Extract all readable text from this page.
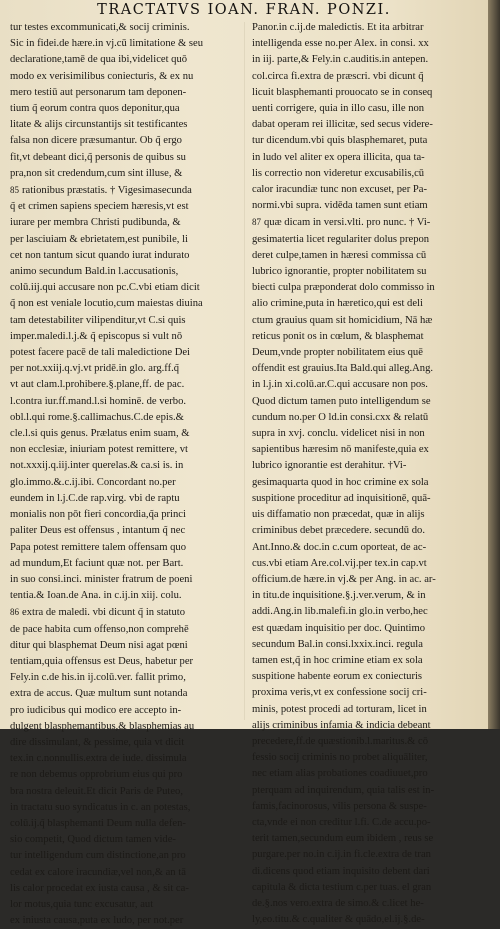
TRACTATVS IOAN. FRAN. PONZI.
tur testes excommunicati,& socij criminis.
Sic in fidei.de hære.in vj.cū limitatione & seu
declaratione,tamē de qua ibi,videlicet quō
modo ex verisimilibus coniecturis, & ex nu
mero testiū aut personarum tam deponen-
tium q̃ eorum contra quos deponitur,qua
litate & alijs circunstantijs sit testificantes
falsa non dicere præsumantur. Ob q̃ ergo
fit,vt debeant dici,q̃ personis de quibus su
pra,non sit credendum,cum sint illuse, &
85 rationibus præstatis. † Vigesimasecunda
q̃ et crimen sapiens speciem hæresis,vt est
iurare per membra Christi pudibunda, &
per lasciuiam & ebrietatem,est punibile, li
cet non tantum sicut quando iurat indurato
animo secundum Bald.in l.accusationis,
colū.iij.qui accusare non pc.C.vbi etiam dicit
q̃ non est veniale locutio,cum maiestas diuina
tam detestabiliter vilipenditur,vt C.si quis
imper.maledi.l.j.& q̃ episcopus si vult nō
potest facere pacē de tali maledictione Dei
per not.xxiij.q.vj.vt pridē.in glo. arg.ff.q̃
vt aut clam.l.prohibere.§.plane,ff. de pac.
l.contra iur.ff.mand.l.si hominē. de verbo.
obl.l.qui rome.§.callimachus.C.de epis.&
cle.l.si quis genus. Prælatus enim suam, &
non ecclesiæ, iniuriam potest remittere, vt
not.xxxij.q.iij.inter querelas.& ca.si is. in
glo.immo.&.c.ij.ibi. Concordant no.per
eundem in l.j.C.de rap.virg. vbi de raptu
monialis non pōt fieri concordia,q̃a princi
paliter Deus est offensus , intantum q̃ nec
Papa potest remittere talem offensam quo
ad mundum,Et faciunt quæ not. per Bart.
in suo consi.inci. minister fratrum de poeni
tentia.& Ioan.de Ana. in c.ij.in xiij. colu.
86 extra de maledi. vbi dicunt q̃ in statuto
de pace habita cum offenso,non comprehē
ditur qui blasphemat Deum nisi agat pœni
tentiam,quia offensus est Deus, habetur per
Fely.in c.de his.in ij.colū.ver. fallit primo,
extra de accus. Quæ multum sunt notanda
pro iudicibus qui modico ere accepto in-
dulgent blasphemantibus,& blasphemias au
dire dissimulant, & pessime, quia vt dicit
tex.in c.nonnullis.extra de iude. dissimula
re non debemus opprobrium eius qui pro
bra nostra deleuit.Et dicit Paris de Puteo,
in tractatu suo syndicatus in c. an potestas,
colū.ij.q̃ blasphemanti Deum nulla defen-
sio competit, Quod dictum tamen vide-
tur intelligendum cum distinctione,an pro
cedat ex calore iracundiæ,vel non,& an tā
lis calor procedat ex iusta causa , & sit ca-
lor motus,quia tunc excusatur, aut
ex iniusta causa,puta ex ludo, per not.per
Panor.in c.ij.de maledictis. Et ita arbitrar
intelligenda esse no.per Alex. in consi. xx
in iij. parte,& Fely.in c.auditis.in antepen.
col.circa fi.extra de præscri. vbi dicunt q̃
licuit blasphemanti prouocato se in conseq
uenti corrigere, quia in illo casu, ille non
dabat operam rei illicitæ, sed secus videre-
tur dicendum.vbi quis blasphemaret, puta
in ludo vel aliter ex opera illicita, qua ta-
lis correctio non videretur excusabilis,cū
calor iracundiæ tunc non excuset, per Pa-
normi.vbi supra. vidēda tamen sunt etiam
87 quæ dicam in versi.vlti. pro nunc. † Vi-
gesimatertia licet regulariter dolus prepon
deret culpe,tamen in hæresi commissa cū
lubrico ignorantie, propter nobilitatem su
biecti culpa præponderat dolo commisso in
alio crimine,puta in hæretico,qui est deli
ctum grauius quam sit homicidium, Nā hæ
reticus ponit os in cœlum, & blasphemat
Deum,vnde propter nobilitatem eius quē
offendit est grauius.Ita Bald.qui alleg.Ang.
in l.j.in xi.colū.ar.C.qui accusare non pos.
Quod dictum tamen puto intelligendum se
cundum no.per O ld.in consi.cxx & relatū
supra in xvj. conclu. videlicet nisi in non
sapientibus hæresim nō manifeste,quia ex
lubrico ignorantie est derahitur. †Vi-
gesimaquarta quod in hoc crimine ex sola
suspitione proceditur ad inquisitionē, quā-
uis diffamatio non præcedat, quæ in alijs
criminibus debet præcedere. secundū do.
Ant.Inno.& doc.in c.cum oporteat, de ac-
cus.vbi etiam Are.col.vij.per tex.in cap.vt
officium.de hære.in vj.& per Ang. in ac. ar-
in titu.de inquisitione.§.j.ver.verum, & in
addi.Ang.in lib.malefi.in glo.in verbo,hec
est quædam inquisitio per doc. Quintimo
secundum Bal.in consi.lxxix.inci. regula
tamen est,q̃ in hoc crimine etiam ex sola
suspitione habente eorum ex coniecturis
proxima veris,vt ex confessione socij cri-
minis, potest procedi ad torturam, licet in
alijs criminibus infamia & indicia debeant
precedere,ff.de quæstionib.l.maritus.& cō
fessio socij criminis no probet aliquāliter,
nec etiam alias probationes coadiuuet,pro
pterquam ad inquirendum, quia talis est in-
famis,facinorosus, vilis persona & suspe-
cta,vnde ei non creditur l.fi. C.de accu.po-
terit tamen,secundum eum ibidem , reus se
purgare.per no.in c.ij.in fi.cle.extra de tran
di.dicens quod etiam inquisito debent dari
capitula & dicta testium c.per tuas. el gran
de.§.nos vero.extra de simo.& c.licet he-
ly,eo.titu.& c.qualiter & quādo,el.ij.§.de-
